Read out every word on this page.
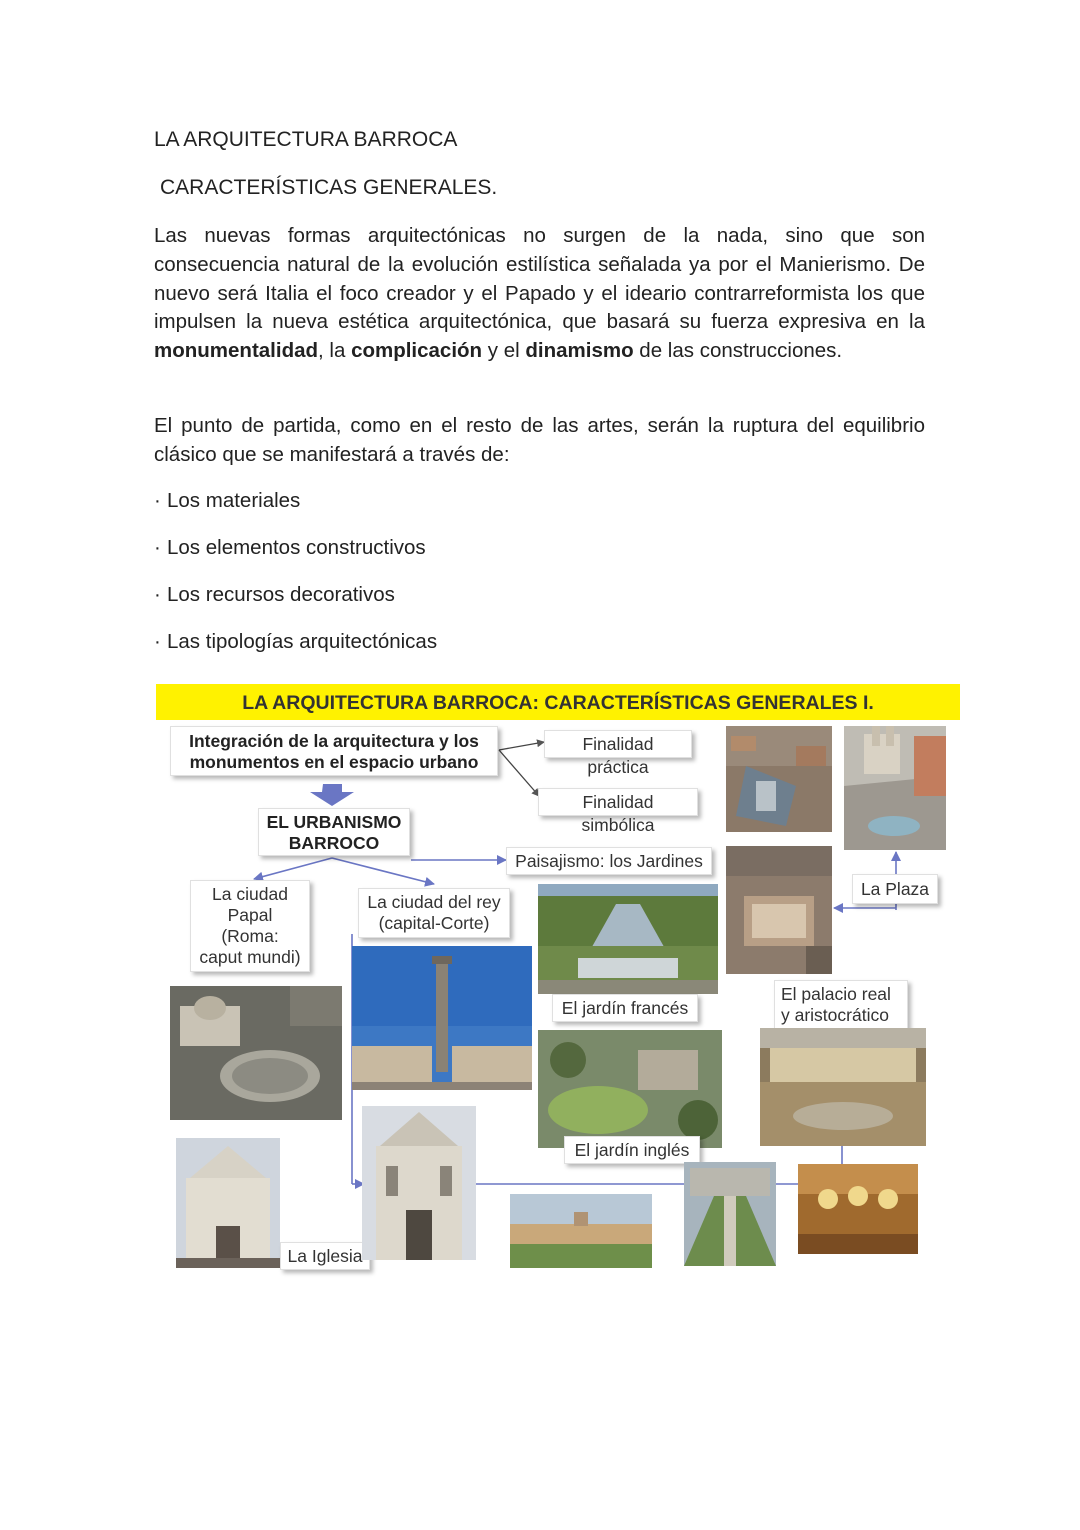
LA ARQUITECTURA BARROCA
CARACTERÍSTICAS GENERALES.
Las nuevas formas arquitectónicas no surgen de la nada, sino que son consecuencia natural de la evolución estilística señalada ya por el Manierismo. De nuevo será Italia el foco creador y el Papado y el ideario contrarreformista los que impulsen la nueva estética arquitectónica, que basará su fuerza expresiva en la monumentalidad, la complicación y el dinamismo de las construcciones.
El punto de partida, como en el resto de las artes, serán la ruptura del equilibrio clásico que se manifestará a través de:
· Los materiales
· Los elementos constructivos
· Los recursos decorativos
· Las tipologías arquitectónicas
LA ARQUITECTURA BARROCA: CARACTERÍSTICAS GENERALES I.
Integración de la arquitectura y los
monumentos en el espacio urbano
Finalidad práctica
Finalidad simbólica
EL URBANISMO
BARROCO
Paisajismo: los Jardines
La Plaza
La ciudad
Papal
(Roma:
caput mundi)
La ciudad del rey
(capital-Corte)
El jardín francés
El palacio real
y aristocrático
El jardín inglés
La Iglesia
